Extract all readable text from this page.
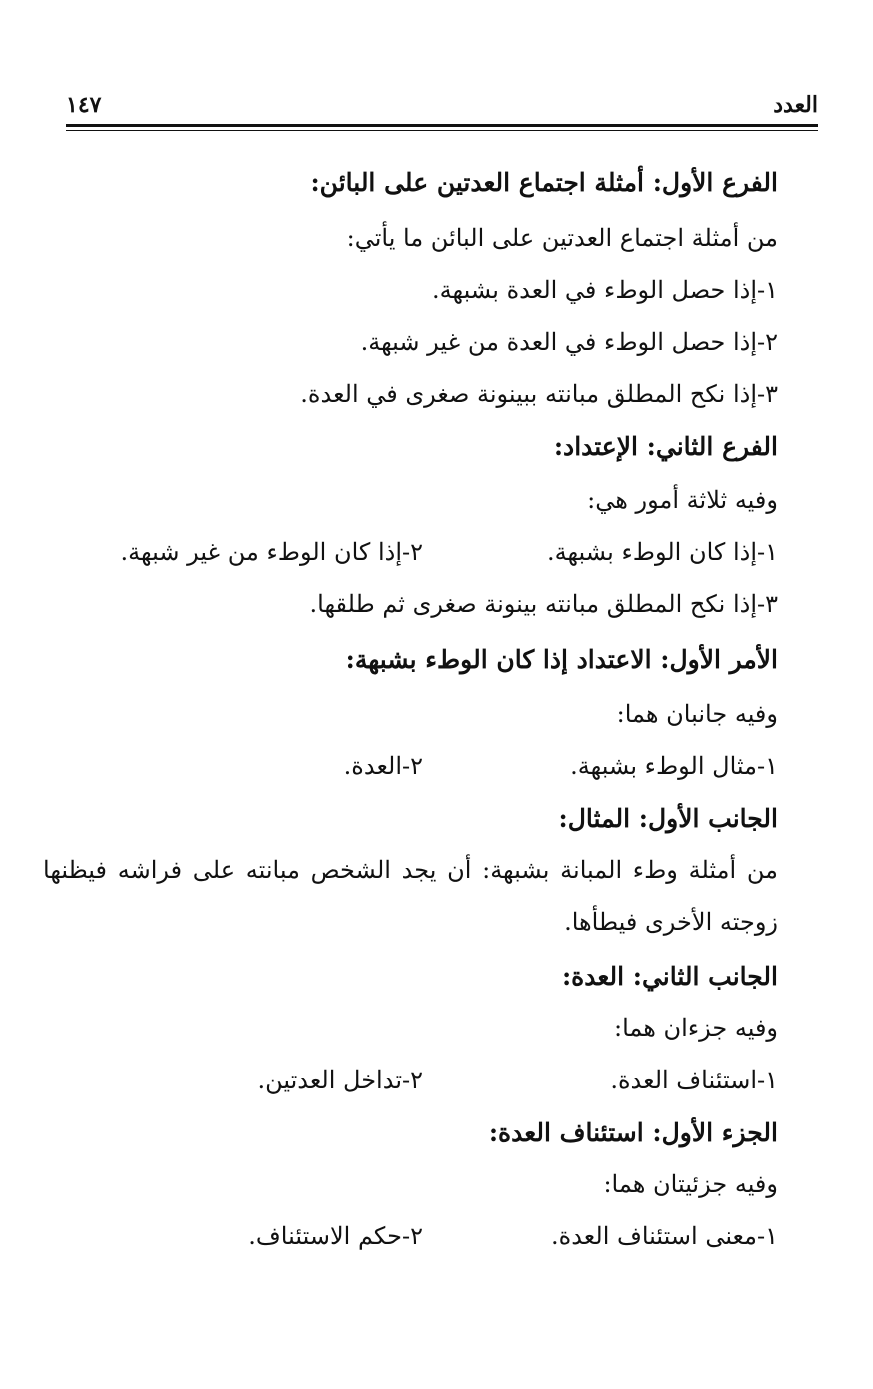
العدد
١٤٧
الفرع الأول: أمثلة اجتماع العدتين على البائن:
من أمثلة اجتماع العدتين على البائن ما يأتي:
١-إذا حصل الوطء في العدة بشبهة.
٢-إذا حصل الوطء في العدة من غير شبهة.
٣-إذا نكح المطلق مبانته ببينونة صغرى في العدة.
الفرع الثاني: الإعتداد:
وفيه ثلاثة أمور هي:
١-إذا كان الوطء بشبهة.
٢-إذا كان الوطء من غير شبهة.
٣-إذا نكح المطلق مبانته بينونة صغرى ثم طلقها.
الأمر الأول: الاعتداد إذا كان الوطء بشبهة:
وفيه جانبان هما:
١-مثال الوطء بشبهة.
٢-العدة.
الجانب الأول: المثال:
من أمثلة وطء المبانة بشبهة: أن يجد الشخص مبانته على فراشه فيظنها
زوجته الأخرى فيطأها.
الجانب الثاني: العدة:
وفيه جزءان هما:
١-استئناف العدة.
٢-تداخل العدتين.
الجزء الأول: استئناف العدة:
وفيه جزئيتان هما:
١-معنى استئناف العدة.
٢-حكم الاستئناف.
